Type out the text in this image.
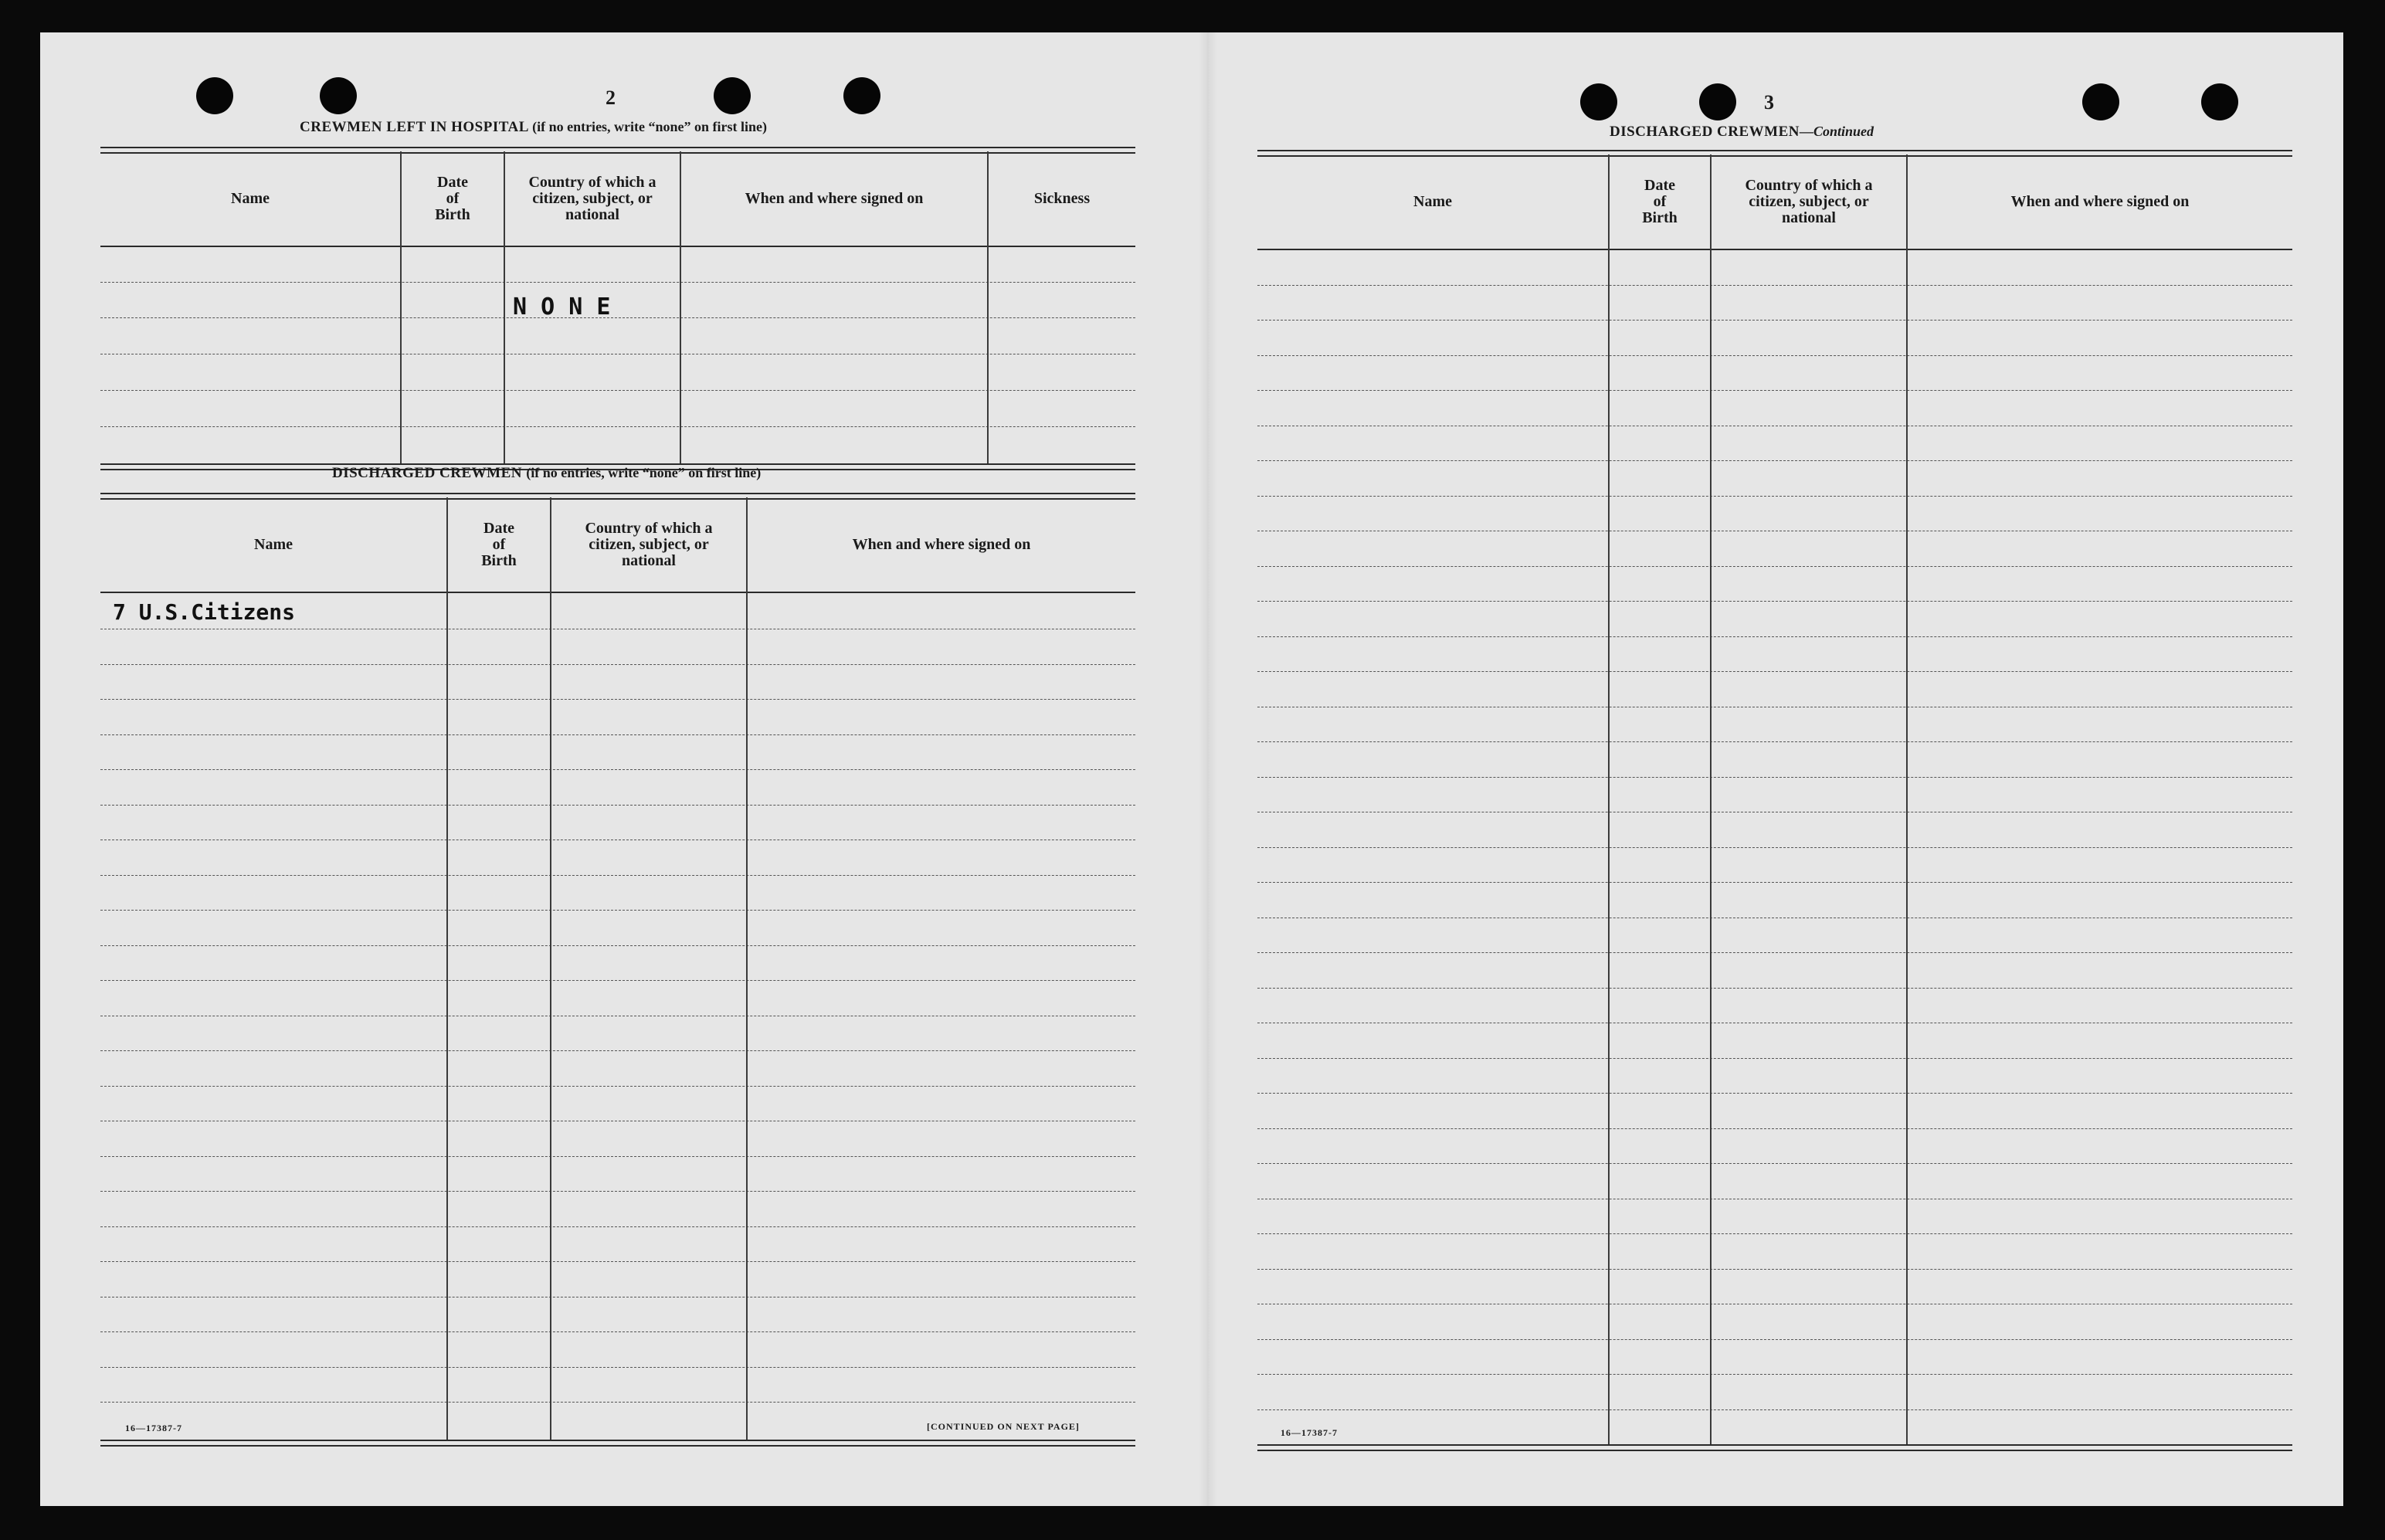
2
CREWMEN LEFT IN HOSPITAL (if no entries, write “none” on first line)
Name
Date
of
Birth
Country of which a
citizen, subject, or
national
When and where signed on	Sickness
N O N E
DISCHARGED CREWMEN (if no entries, write “none” on first line)
Name
Date
of
Birth
Country of which a
citizen, subject, or
national
When and where signed on
7 U.S.Citizens
16—17387-7	[CONTINUED ON NEXT PAGE]
3
DISCHARGED CREWMEN—Continued
Name
Date
of
Birth
Country of which a
citizen, subject, or
national
When and where signed on
16—17387-7
